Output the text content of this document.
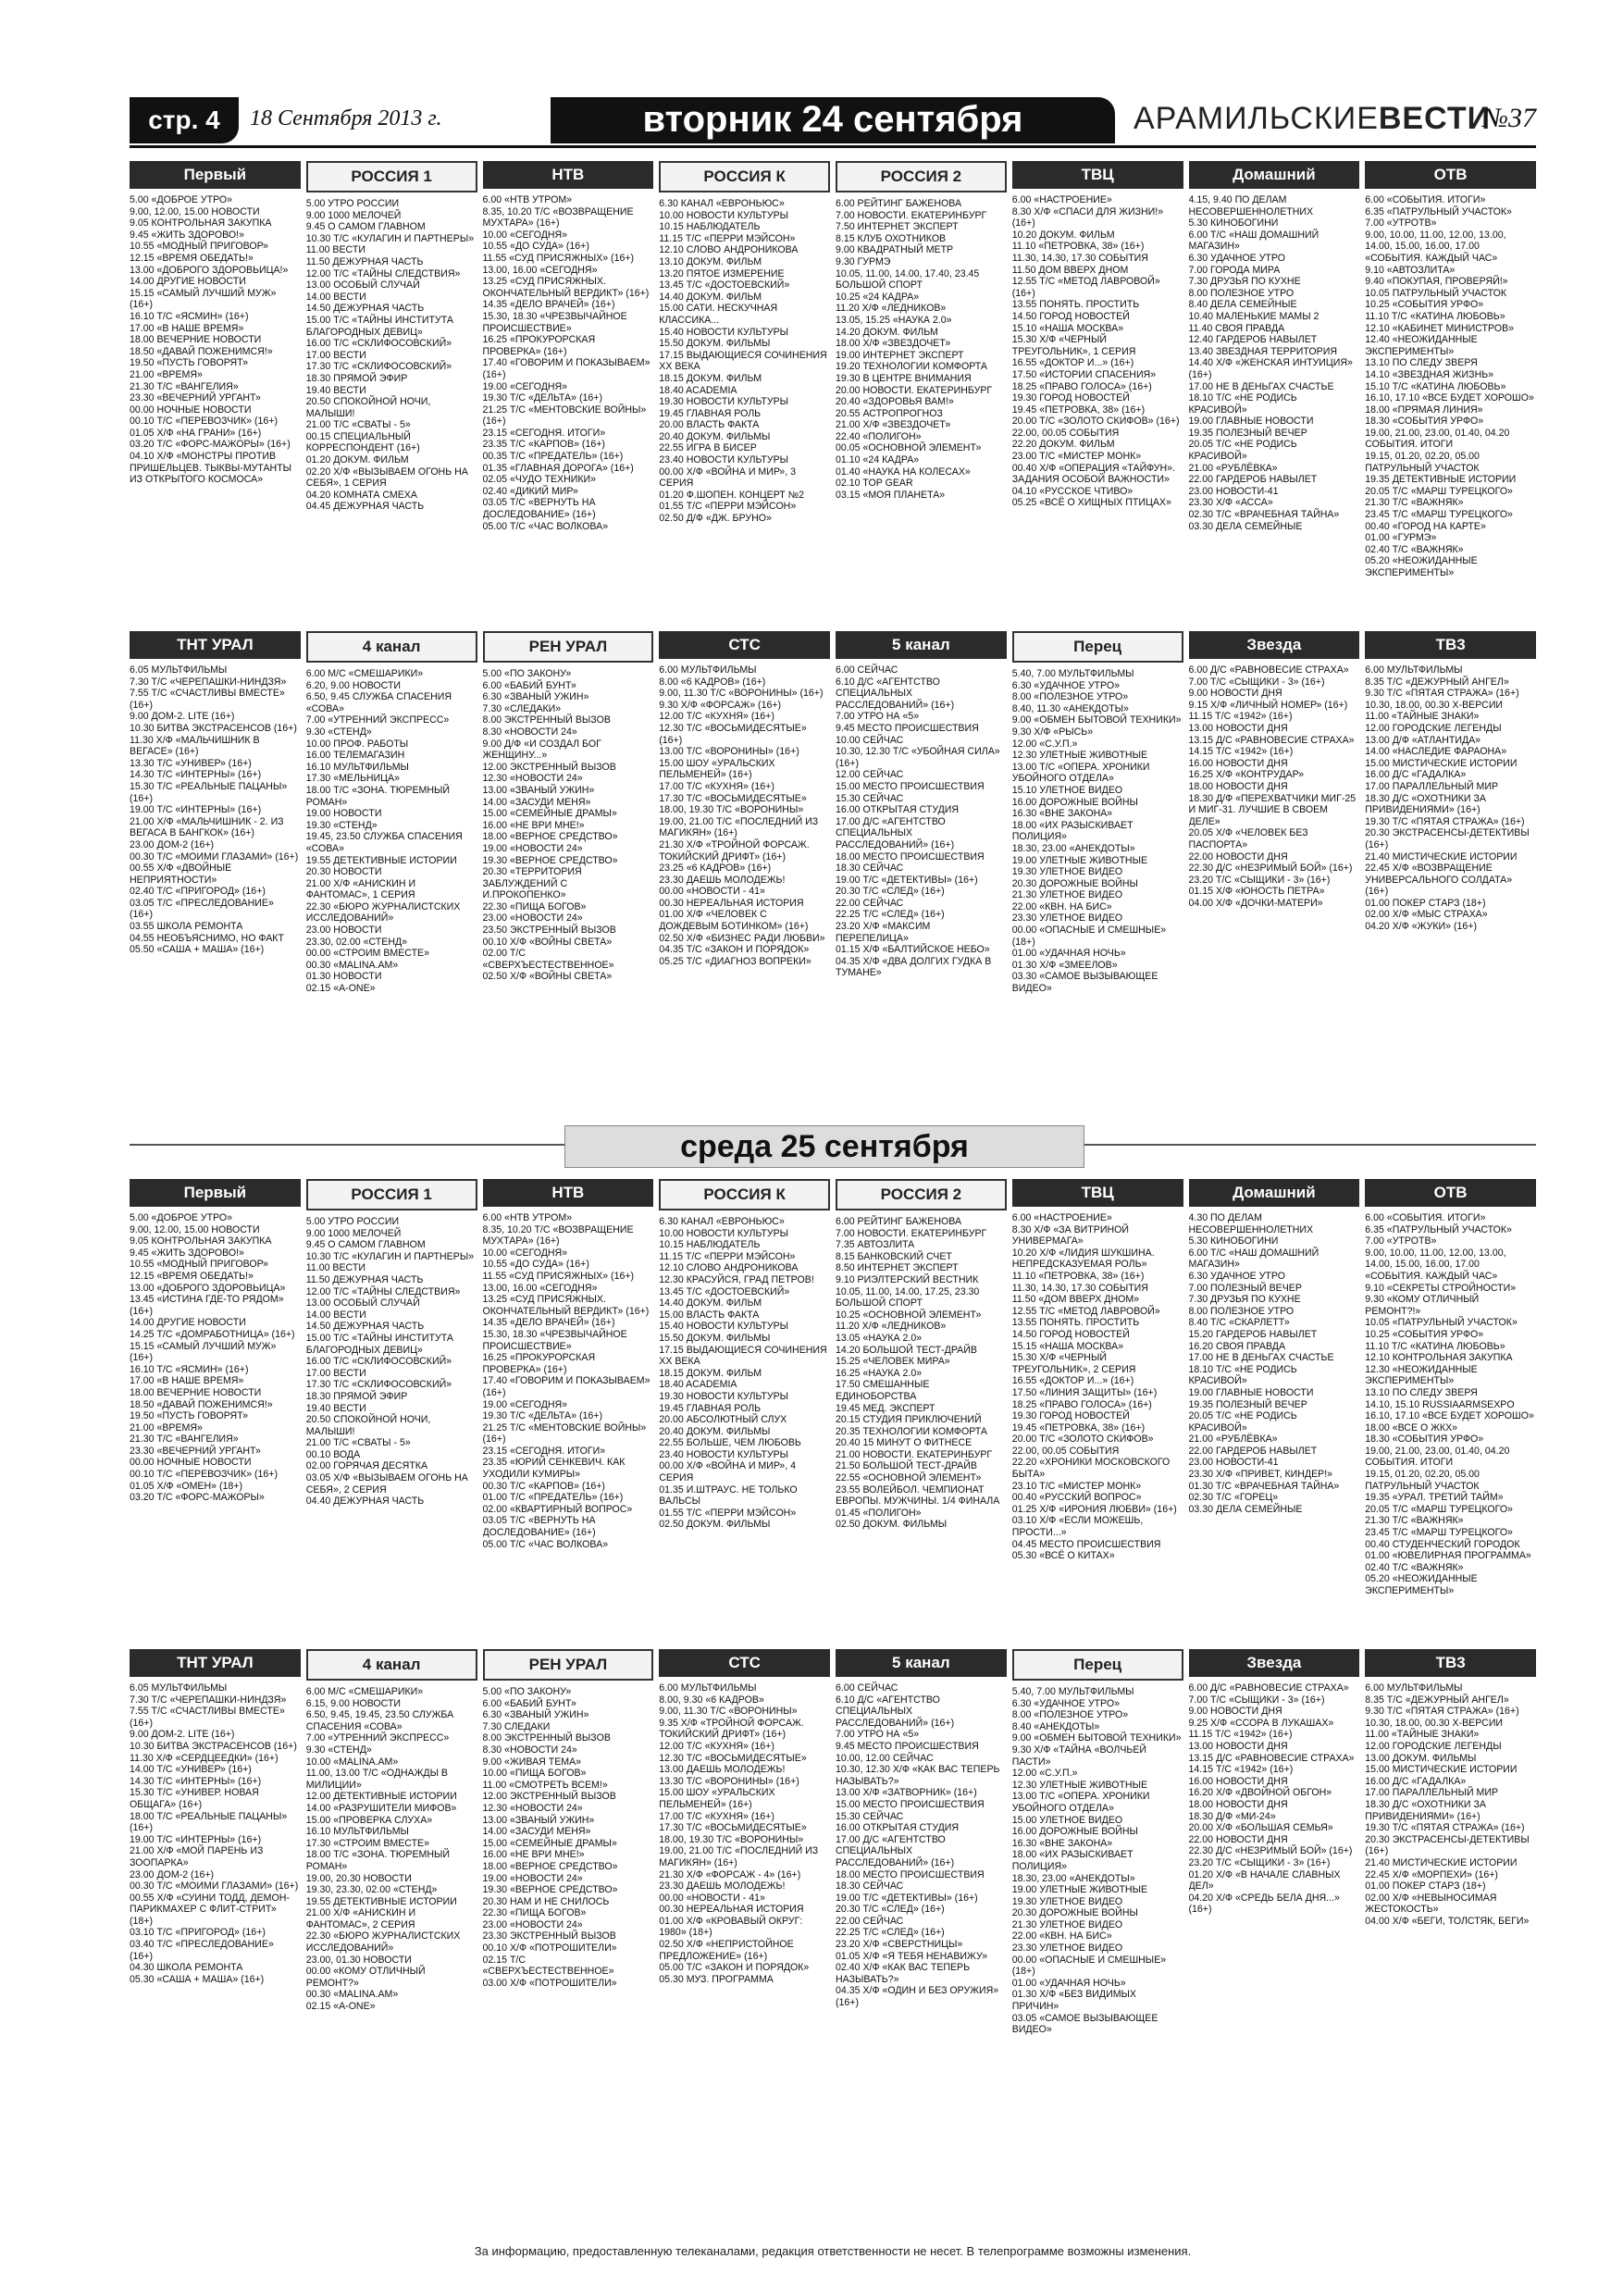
стр. 4	18 Сентября 2013 г.	вторник 24 сентября	АРАМИЛЬСКИЕВЕСТИ
№37
Первый
5.00 «ДОБРОЕ УТРО»
9.00, 12.00, 15.00 НОВОСТИ
9.05 КОНТРОЛЬНАЯ ЗАКУПКА
9.45 «ЖИТЬ ЗДОРОВО!»
10.55 «МОДНЫЙ ПРИГОВОР»
12.15 «ВРЕМЯ ОБЕДАТЬ!»
13.00 «ДОБРОГО ЗДОРОВЬИЦА!»
14.00 ДРУГИЕ НОВОСТИ
15.15 «САМЫЙ ЛУЧШИЙ МУЖ» (16+)
16.10 Т/С «ЯСМИН» (16+)
17.00 «В НАШЕ ВРЕМЯ»
18.00 ВЕЧЕРНИЕ НОВОСТИ
18.50 «ДАВАЙ ПОЖЕНИМСЯ!»
19.50 «ПУСТЬ ГОВОРЯТ»
21.00 «ВРЕМЯ»
21.30 Т/С «ВАНГЕЛИЯ»
23.30 «ВЕЧЕРНИЙ УРГАНТ»
00.00 НОЧНЫЕ НОВОСТИ
00.10 Т/С «ПЕРЕВОЗЧИК» (16+)
01.05 Х/Ф «НА ГРАНИ» (16+)
03.20 Т/С «ФОРС-МАЖОРЫ» (16+)
04.10 Х/Ф «МОНСТРЫ ПРОТИВ ПРИШЕЛЬЦЕВ. ТЫКВЫ-МУТАНТЫ ИЗ ОТКРЫТОГО КОСМОСА»
РОССИЯ 1
5.00 УТРО РОССИИ
9.00 1000 МЕЛОЧЕЙ
9.45 О САМОМ ГЛАВНОМ
10.30 Т/С «КУЛАГИН И ПАРТНЕРЫ»
11.00 ВЕСТИ
11.50 ДЕЖУРНАЯ ЧАСТЬ
12.00 Т/С «ТАЙНЫ СЛЕДСТВИЯ»
13.00 ОСОБЫЙ СЛУЧАЙ
14.00 ВЕСТИ
14.50 ДЕЖУРНАЯ ЧАСТЬ
15.00 Т/С «ТАЙНЫ ИНСТИТУТА БЛАГОРОДНЫХ ДЕВИЦ»
16.00 Т/С «СКЛИФОСОВСКИЙ»
17.00 ВЕСТИ
17.30 Т/С «СКЛИФОСОВСКИЙ»
18.30 ПРЯМОЙ ЭФИР
19.40 ВЕСТИ
20.50 СПОКОЙНОЙ НОЧИ, МАЛЫШИ!
21.00 Т/С «СВАТЫ - 5»
00.15 СПЕЦИАЛЬНЫЙ КОРРЕСПОНДЕНТ (16+)
01.20 ДОКУМ. ФИЛЬМ
02.20 Х/Ф «ВЫЗЫВАЕМ ОГОНЬ НА СЕБЯ», 1 СЕРИЯ
04.20 КОМНАТА СМЕХА
04.45 ДЕЖУРНАЯ ЧАСТЬ
НТВ
6.00 «НТВ УТРОМ»
8.35, 10.20 Т/С «ВОЗВРАЩЕНИЕ МУХТАРА» (16+)
10.00 «СЕГОДНЯ»
10.55 «ДО СУДА» (16+)
11.55 «СУД ПРИСЯЖНЫХ» (16+)
13.00, 16.00 «СЕГОДНЯ»
13.25 «СУД ПРИСЯЖНЫХ. ОКОНЧАТЕЛЬНЫЙ ВЕРДИКТ» (16+)
14.35 «ДЕЛО ВРАЧЕЙ» (16+)
15.30, 18.30 «ЧРЕЗВЫЧАЙНОЕ ПРОИСШЕСТВИЕ»
16.25 «ПРОКУРОРСКАЯ ПРОВЕРКА» (16+)
17.40 «ГОВОРИМ И ПОКАЗЫВАЕМ» (16+)
19.00 «СЕГОДНЯ»
19.30 Т/С «ДЕЛЬТА» (16+)
21.25 Т/С «МЕНТОВСКИЕ ВОЙНЫ» (16+)
23.15 «СЕГОДНЯ. ИТОГИ»
23.35 Т/С «КАРПОВ» (16+)
00.35 Т/С «ПРЕДАТЕЛЬ» (16+)
01.35 «ГЛАВНАЯ ДОРОГА» (16+)
02.05 «ЧУДО ТЕХНИКИ»
02.40 «ДИКИЙ МИР»
03.05 Т/С «ВЕРНУТЬ НА ДОСЛЕДОВАНИЕ» (16+)
05.00 Т/С «ЧАС ВОЛКОВА»
РОССИЯ К
6.30 КАНАЛ «ЕВРОНЬЮС»
10.00 НОВОСТИ КУЛЬТУРЫ
10.15 НАБЛЮДАТЕЛЬ
11.15 Т/С «ПЕРРИ МЭЙСОН»
12.10 СЛОВО АНДРОНИКОВА
13.10 ДОКУМ. ФИЛЬМ
13.20 ПЯТОЕ ИЗМЕРЕНИЕ
13.45 Т/С «ДОСТОЕВСКИЙ»
14.40 ДОКУМ. ФИЛЬМ
15.00 САТИ. НЕСКУЧНАЯ КЛАССИКА...
15.40 НОВОСТИ КУЛЬТУРЫ
15.50 ДОКУМ. ФИЛЬМЫ
17.15 ВЫДАЮЩИЕСЯ СОЧИНЕНИЯ XX ВЕКА
18.15 ДОКУМ. ФИЛЬМ
18.40 ACADEMIA
19.30 НОВОСТИ КУЛЬТУРЫ
19.45 ГЛАВНАЯ РОЛЬ
20.00 ВЛАСТЬ ФАКТА
20.40 ДОКУМ. ФИЛЬМЫ
22.55 ИГРА В БИСЕР
23.40 НОВОСТИ КУЛЬТУРЫ
00.00 Х/Ф «ВОЙНА И МИР», 3 СЕРИЯ
01.20 Ф.ШОПЕН. КОНЦЕРТ №2
01.55 Т/С «ПЕРРИ МЭЙСОН»
02.50 Д/Ф «ДЖ. БРУНО»
РОССИЯ 2
6.00 РЕЙТИНГ БАЖЕНОВА
7.00 НОВОСТИ. ЕКАТЕРИНБУРГ
7.50 ИНТЕРНЕТ ЭКСПЕРТ
8.15 КЛУБ ОХОТНИКОВ
9.00 КВАДРАТНЫЙ МЕТР
9.30 ГУРМЭ
10.05, 11.00, 14.00, 17.40, 23.45 БОЛЬШОЙ СПОРТ
10.25 «24 КАДРА»
11.20 Х/Ф «ЛЕДНИКОВ»
13.05, 15.25 «НАУКА 2.0»
14.20 ДОКУМ. ФИЛЬМ
18.00 Х/Ф «ЗВЕЗДОЧЕТ»
19.00 ИНТЕРНЕТ ЭКСПЕРТ
19.20 ТЕХНОЛОГИИ КОМФОРТА
19.30 В ЦЕНТРЕ ВНИМАНИЯ
20.00 НОВОСТИ. ЕКАТЕРИНБУРГ
20.40 «ЗДОРОВЬЯ ВАМ!»
20.55 АСТРОПРОГНОЗ
21.00 Х/Ф «ЗВЕЗДОЧЕТ»
22.40 «ПОЛИГОН»
00.05 «ОСНОВНОЙ ЭЛЕМЕНТ»
01.10 «24 КАДРА»
01.40 «НАУКА НА КОЛЕСАХ»
02.10 TOP GEAR
03.15 «МОЯ ПЛАНЕТА»
ТВЦ
6.00 «НАСТРОЕНИЕ»
8.30 Х/Ф «СПАСИ ДЛЯ ЖИЗНИ!» (16+)
10.20 ДОКУМ. ФИЛЬМ
11.10 «ПЕТРОВКА, 38» (16+)
11.30, 14.30, 17.30 СОБЫТИЯ
11.50 ДОМ ВВЕРХ ДНОМ
12.55 Т/С «МЕТОД ЛАВРОВОЙ» (16+)
13.55 ПОНЯТЬ. ПРОСТИТЬ
14.50 ГОРОД НОВОСТЕЙ
15.10 «НАША МОСКВА»
15.30 Х/Ф «ЧЕРНЫЙ ТРЕУГОЛЬНИК», 1 СЕРИЯ
16.55 «ДОКТОР И...» (16+)
17.50 «ИСТОРИИ СПАСЕНИЯ»
18.25 «ПРАВО ГОЛОСА» (16+)
19.30 ГОРОД НОВОСТЕЙ
19.45 «ПЕТРОВКА, 38» (16+)
20.00 Т/С «ЗОЛОТО СКИФОВ» (16+)
22.00, 00.05 СОБЫТИЯ
22.20 ДОКУМ. ФИЛЬМ
23.00 Т/С «МИСТЕР МОНК»
00.40 Х/Ф «ОПЕРАЦИЯ «ТАЙФУН». ЗАДАНИЯ ОСОБОЙ ВАЖНОСТИ»
04.10 «РУССКОЕ ЧТИВО»
05.25 «ВСЁ О ХИЩНЫХ ПТИЦАХ»
Домашний
4.15, 9.40 ПО ДЕЛАМ НЕСОВЕРШЕННОЛЕТНИХ
5.30 КИНОБОГИНИ
6.00 Т/С «НАШ ДОМАШНИЙ МАГАЗИН»
6.30 УДАЧНОЕ УТРО
7.00 ГОРОДА МИРА
7.30 ДРУЗЬЯ ПО КУХНЕ
8.00 ПОЛЕЗНОЕ УТРО
8.40 ДЕЛА СЕМЕЙНЫЕ
10.40 МАЛЕНЬКИЕ МАМЫ 2
11.40 СВОЯ ПРАВДА
12.40 ГАРДЕРОБ НАВЫЛЕТ
13.40 ЗВЕЗДНАЯ ТЕРРИТОРИЯ
14.40 Х/Ф «ЖЕНСКАЯ ИНТУИЦИЯ» (16+)
17.00 НЕ В ДЕНЬГАХ СЧАСТЬЕ
18.10 Т/С «НЕ РОДИСЬ КРАСИВОЙ»
19.00 ГЛАВНЫЕ НОВОСТИ
19.35 ПОЛЕЗНЫЙ ВЕЧЕР
20.05 Т/С «НЕ РОДИСЬ КРАСИВОЙ»
21.00 «РУБЛЁВКА»
22.00 ГАРДЕРОБ НАВЫЛЕТ
23.00 НОВОСТИ-41
23.30 Х/Ф «АССА»
02.30 Т/С «ВРАЧЕБНАЯ ТАЙНА»
03.30 ДЕЛА СЕМЕЙНЫЕ
ОТВ
6.00 «СОБЫТИЯ. ИТОГИ»
6.35 «ПАТРУЛЬНЫЙ УЧАСТОК»
7.00 «УТРОТВ»
9.00, 10.00, 11.00, 12.00, 13.00, 14.00, 15.00, 16.00, 17.00 «СОБЫТИЯ. КАЖДЫЙ ЧАС»
9.10 «АВТОЗЛИТА»
9.40 «ПОКУПАЯ, ПРОВЕРЯЙ!»
10.05 ПАТРУЛЬНЫЙ УЧАСТОК
10.25 «СОБЫТИЯ УРФО»
11.10 Т/С «КАТИНА ЛЮБОВЬ»
12.10 «КАБИНЕТ МИНИСТРОВ»
12.40 «НЕОЖИДАННЫЕ ЭКСПЕРИМЕНТЫ»
13.10 ПО СЛЕДУ ЗВЕРЯ
14.10 «ЗВЕЗДНАЯ ЖИЗНЬ»
15.10 Т/С «КАТИНА ЛЮБОВЬ»
16.10, 17.10 «ВСЕ БУДЕТ ХОРОШО»
18.00 «ПРЯМАЯ ЛИНИЯ»
18.30 «СОБЫТИЯ УРФО»
19.00, 21.00, 23.00, 01.40, 04.20 СОБЫТИЯ. ИТОГИ
19.15, 01.20, 02.20, 05.00 ПАТРУЛЬНЫЙ УЧАСТОК
19.35 ДЕТЕКТИВНЫЕ ИСТОРИИ
20.05 Т/С «МАРШ ТУРЕЦКОГО»
21.30 Т/С «ВАЖНЯК»
23.45 Т/С «МАРШ ТУРЕЦКОГО»
00.40 «ГОРОД НА КАРТЕ»
01.00 «ГУРМЭ»
02.40 Т/С «ВАЖНЯК»
05.20 «НЕОЖИДАННЫЕ ЭКСПЕРИМЕНТЫ»
ТНТ УРАЛ
6.05 МУЛЬТФИЛЬМЫ
7.30 Т/С «ЧЕРЕПАШКИ-НИНДЗЯ»
7.55 Т/С «СЧАСТЛИВЫ ВМЕСТЕ» (16+)
9.00 ДОМ-2. LITE (16+)
10.30 БИТВА ЭКСТРАСЕНСОВ (16+)
11.30 Х/Ф «МАЛЬЧИШНИК В ВЕГАСЕ» (16+)
13.30 Т/С «УНИВЕР» (16+)
14.30 Т/С «ИНТЕРНЫ» (16+)
15.30 Т/С «РЕАЛЬНЫЕ ПАЦАНЫ» (16+)
19.00 Т/С «ИНТЕРНЫ» (16+)
21.00 Х/Ф «МАЛЬЧИШНИК - 2. ИЗ ВЕГАСА В БАНГКОК» (16+)
23.00 ДОМ-2 (16+)
00.30 Т/С «МОИМИ ГЛАЗАМИ» (16+)
00.55 Х/Ф «ДВОЙНЫЕ НЕПРИЯТНОСТИ»
02.40 Т/С «ПРИГОРОД» (16+)
03.05 Т/С «ПРЕСЛЕДОВАНИЕ» (16+)
03.55 ШКОЛА РЕМОНТА
04.55 НЕОБЪЯСНИМО, НО ФАКТ
05.50 «САША + МАША» (16+)
4 канал
6.00 М/С «СМЕШАРИКИ»
6.20, 9.00 НОВОСТИ
6.50, 9.45 СЛУЖБА СПАСЕНИЯ «СОВА»
7.00 «УТРЕННИЙ ЭКСПРЕСС»
9.30 «СТЕНД»
10.00 ПРОФ. РАБОТЫ
16.00 ТЕЛЕМАГАЗИН
16.10 МУЛЬТФИЛЬМЫ
17.30 «МЕЛЬНИЦА»
18.00 Т/С «ЗОНА. ТЮРЕМНЫЙ РОМАН»
19.00 НОВОСТИ
19.30 «СТЕНД»
19.45, 23.50 СЛУЖБА СПАСЕНИЯ «СОВА»
19.55 ДЕТЕКТИВНЫЕ ИСТОРИИ
20.30 НОВОСТИ
21.00 Х/Ф «АНИСКИН И ФАНТОМАС», 1 СЕРИЯ
22.30 «БЮРО ЖУРНАЛИСТСКИХ ИССЛЕДОВАНИЙ»
23.00 НОВОСТИ
23.30, 02.00 «СТЕНД»
00.00 «СТРОИМ ВМЕСТЕ»
00.30 «MALINA.AM»
01.30 НОВОСТИ
02.15 «A-ONE»
РЕН УРАЛ
5.00 «ПО ЗАКОНУ»
6.00 «БАБИЙ БУНТ»
6.30 «ЗВАНЫЙ УЖИН»
7.30 «СЛЕДАКИ»
8.00 ЭКСТРЕННЫЙ ВЫЗОВ
8.30 «НОВОСТИ 24»
9.00 Д/Ф «И СОЗДАЛ БОГ ЖЕНЩИНУ...»
12.00 ЭКСТРЕННЫЙ ВЫЗОВ
12.30 «НОВОСТИ 24»
13.00 «ЗВАНЫЙ УЖИН»
14.00 «ЗАСУДИ МЕНЯ»
15.00 «СЕМЕЙНЫЕ ДРАМЫ»
16.00 «НЕ ВРИ МНЕ!»
18.00 «ВЕРНОЕ СРЕДСТВО»
19.00 «НОВОСТИ 24»
19.30 «ВЕРНОЕ СРЕДСТВО»
20.30 «ТЕРРИТОРИЯ ЗАБЛУЖДЕНИЙ С И.ПРОКОПЕНКО»
22.30 «ПИЩА БОГОВ»
23.00 «НОВОСТИ 24»
23.50 ЭКСТРЕННЫЙ ВЫЗОВ
00.10 Х/Ф «ВОЙНЫ СВЕТА»
02.00 Т/С «СВЕРХЪЕСТЕСТВЕННОЕ»
02.50 Х/Ф «ВОЙНЫ СВЕТА»
СТС
6.00 МУЛЬТФИЛЬМЫ
8.00 «6 КАДРОВ» (16+)
9.00, 11.30 Т/С «ВОРОНИНЫ» (16+)
9.30 Х/Ф «ФОРСАЖ» (16+)
12.00 Т/С «КУХНЯ» (16+)
12.30 Т/С «ВОСЬМИДЕСЯТЫЕ» (16+)
13.00 Т/С «ВОРОНИНЫ» (16+)
15.00 ШОУ «УРАЛЬСКИХ ПЕЛЬМЕНЕЙ» (16+)
17.00 Т/С «КУХНЯ» (16+)
17.30 Т/С «ВОСЬМИДЕСЯТЫЕ»
18.00, 19.30 Т/С «ВОРОНИНЫ»
19.00, 21.00 Т/С «ПОСЛЕДНИЙ ИЗ МАГИКЯН» (16+)
21.30 Х/Ф «ТРОЙНОЙ ФОРСАЖ. ТОКИЙСКИЙ ДРИФТ» (16+)
23.25 «6 КАДРОВ» (16+)
23.30 ДАЕШЬ МОЛОДЕЖЬ!
00.00 «НОВОСТИ - 41»
00.30 НЕРЕАЛЬНАЯ ИСТОРИЯ
01.00 Х/Ф «ЧЕЛОВЕК С ДОЖДЕВЫМ БОТИНКОМ» (16+)
02.50 Х/Ф «БИЗНЕС РАДИ ЛЮБВИ»
04.35 Т/С «ЗАКОН И ПОРЯДОК»
05.25 Т/С «ДИАГНОЗ ВОПРЕКИ»
5 канал
6.00 СЕЙЧАС
6.10 Д/С «АГЕНТСТВО СПЕЦИАЛЬНЫХ РАССЛЕДОВАНИЙ» (16+)
7.00 УТРО НА «5»
9.45 МЕСТО ПРОИСШЕСТВИЯ
10.00 СЕЙЧАС
10.30, 12.30 Т/С «УБОЙНАЯ СИЛА» (16+)
12.00 СЕЙЧАС
15.00 МЕСТО ПРОИСШЕСТВИЯ
15.30 СЕЙЧАС
16.00 ОТКРЫТАЯ СТУДИЯ
17.00 Д/С «АГЕНТСТВО СПЕЦИАЛЬНЫХ РАССЛЕДОВАНИЙ» (16+)
18.00 МЕСТО ПРОИСШЕСТВИЯ
18.30 СЕЙЧАС
19.00 Т/С «ДЕТЕКТИВЫ» (16+)
20.30 Т/С «СЛЕД» (16+)
22.00 СЕЙЧАС
22.25 Т/С «СЛЕД» (16+)
23.20 Х/Ф «МАКСИМ ПЕРЕПЕЛИЦА»
01.15 Х/Ф «БАЛТИЙСКОЕ НЕБО»
04.35 Х/Ф «ДВА ДОЛГИХ ГУДКА В ТУМАНЕ»
Перец
5.40, 7.00 МУЛЬТФИЛЬМЫ
6.30 «УДАЧНОЕ УТРО»
8.00 «ПОЛЕЗНОЕ УТРО»
8.40, 11.30 «АНЕКДОТЫ»
9.00 «ОБМЕН БЫТОВОЙ ТЕХНИКИ»
9.30 Х/Ф «РЫСЬ»
12.00 «С.У.П.»
12.30 УЛЕТНЫЕ ЖИВОТНЫЕ
13.00 Т/С «ОПЕРА. ХРОНИКИ УБОЙНОГО ОТДЕЛА»
15.10 УЛЕТНОЕ ВИДЕО
16.00 ДОРОЖНЫЕ ВОЙНЫ
16.30 «ВНЕ ЗАКОНА»
18.00 «ИХ РАЗЫСКИВАЕТ ПОЛИЦИЯ»
18.30, 23.00 «АНЕКДОТЫ»
19.00 УЛЕТНЫЕ ЖИВОТНЫЕ
19.30 УЛЕТНОЕ ВИДЕО
20.30 ДОРОЖНЫЕ ВОЙНЫ
21.30 УЛЕТНОЕ ВИДЕО
22.00 «КВН. НА БИС»
23.30 УЛЕТНОЕ ВИДЕО
00.00 «ОПАСНЫЕ И СМЕШНЫЕ» (18+)
01.00 «УДАЧНАЯ НОЧЬ»
01.30 Х/Ф «ЗМЕЕЛОВ»
03.30 «САМОЕ ВЫЗЫВАЮЩЕЕ ВИДЕО»
Звезда
6.00 Д/С «РАВНОВЕСИЕ СТРАХА»
7.00 Т/С «СЫЩИКИ - 3» (16+)
9.00 НОВОСТИ ДНЯ
9.15 Х/Ф «ЛИЧНЫЙ НОМЕР» (16+)
11.15 Т/С «1942» (16+)
13.00 НОВОСТИ ДНЯ
13.15 Д/С «РАВНОВЕСИЕ СТРАХА»
14.15 Т/С «1942» (16+)
16.00 НОВОСТИ ДНЯ
16.25 Х/Ф «КОНТРУДАР»
18.00 НОВОСТИ ДНЯ
18.30 Д/Ф «ПЕРЕХВАТЧИКИ МИГ-25 И МИГ-31. ЛУЧШИЕ В СВОЕМ ДЕЛЕ»
20.05 Х/Ф «ЧЕЛОВЕК БЕЗ ПАСПОРТА»
22.00 НОВОСТИ ДНЯ
22.30 Д/С «НЕЗРИМЫЙ БОЙ» (16+)
23.20 Т/С «СЫЩИКИ - 3» (16+)
01.15 Х/Ф «ЮНОСТЬ ПЕТРА»
04.00 Х/Ф «ДОЧКИ-МАТЕРИ»
ТВ3
6.00 МУЛЬТФИЛЬМЫ
8.35 Т/С «ДЕЖУРНЫЙ АНГЕЛ»
9.30 Т/С «ПЯТАЯ СТРАЖА» (16+)
10.30, 18.00, 00.30 X-ВЕРСИИ
11.00 «ТАЙНЫЕ ЗНАКИ»
12.00 ГОРОДСКИЕ ЛЕГЕНДЫ
13.00 Д/Ф «АТЛАНТИДА»
14.00 «НАСЛЕДИЕ ФАРАОНА»
15.00 МИСТИЧЕСКИЕ ИСТОРИИ
16.00 Д/С «ГАДАЛКА»
17.00 ПАРАЛЛЕЛЬНЫЙ МИР
18.30 Д/С «ОХОТНИКИ ЗА ПРИВИДЕНИЯМИ» (16+)
19.30 Т/С «ПЯТАЯ СТРАЖА» (16+)
20.30 ЭКСТРАСЕНСЫ-ДЕТЕКТИВЫ (16+)
21.40 МИСТИЧЕСКИЕ ИСТОРИИ
22.45 Х/Ф «ВОЗВРАЩЕНИЕ УНИВЕРСАЛЬНОГО СОЛДАТА» (16+)
01.00 ПОКЕР СТАРЗ (18+)
02.00 Х/Ф «МЫС СТРАХА»
04.20 Х/Ф «ЖУКИ» (16+)
среда 25 сентября
Первый
5.00 «ДОБРОЕ УТРО»
9.00, 12.00, 15.00 НОВОСТИ
9.05 КОНТРОЛЬНАЯ ЗАКУПКА
9.45 «ЖИТЬ ЗДОРОВО!»
10.55 «МОДНЫЙ ПРИГОВОР»
12.15 «ВРЕМЯ ОБЕДАТЬ!»
13.00 «ДОБРОГО ЗДОРОВЬИЦА»
13.45 «ИСТИНА ГДЕ-ТО РЯДОМ» (16+)
14.00 ДРУГИЕ НОВОСТИ
14.25 Т/С «ДОМРАБОТНИЦА» (16+)
15.15 «САМЫЙ ЛУЧШИЙ МУЖ» (16+)
16.10 Т/С «ЯСМИН» (16+)
17.00 «В НАШЕ ВРЕМЯ»
18.00 ВЕЧЕРНИЕ НОВОСТИ
18.50 «ДАВАЙ ПОЖЕНИМСЯ!»
19.50 «ПУСТЬ ГОВОРЯТ»
21.00 «ВРЕМЯ»
21.30 Т/С «ВАНГЕЛИЯ»
23.30 «ВЕЧЕРНИЙ УРГАНТ»
00.00 НОЧНЫЕ НОВОСТИ
00.10 Т/С «ПЕРЕВОЗЧИК» (16+)
01.05 Х/Ф «ОМЕН» (18+)
03.20 Т/С «ФОРС-МАЖОРЫ»
РОССИЯ 1
5.00 УТРО РОССИИ
9.00 1000 МЕЛОЧЕЙ
9.45 О САМОМ ГЛАВНОМ
10.30 Т/С «КУЛАГИН И ПАРТНЕРЫ»
11.00 ВЕСТИ
11.50 ДЕЖУРНАЯ ЧАСТЬ
12.00 Т/С «ТАЙНЫ СЛЕДСТВИЯ»
13.00 ОСОБЫЙ СЛУЧАЙ
14.00 ВЕСТИ
14.50 ДЕЖУРНАЯ ЧАСТЬ
15.00 Т/С «ТАЙНЫ ИНСТИТУТА БЛАГОРОДНЫХ ДЕВИЦ»
16.00 Т/С «СКЛИФОСОВСКИЙ»
17.00 ВЕСТИ
17.30 Т/С «СКЛИФОСОВСКИЙ»
18.30 ПРЯМОЙ ЭФИР
19.40 ВЕСТИ
20.50 СПОКОЙНОЙ НОЧИ, МАЛЫШИ!
21.00 Т/С «СВАТЫ - 5»
00.10 ВОДА
02.00 ГОРЯЧАЯ ДЕСЯТКА
03.05 Х/Ф «ВЫЗЫВАЕМ ОГОНЬ НА СЕБЯ», 2 СЕРИЯ
04.40 ДЕЖУРНАЯ ЧАСТЬ
НТВ
6.00 «НТВ УТРОМ»
8.35, 10.20 Т/С «ВОЗВРАЩЕНИЕ МУХТАРА» (16+)
10.00 «СЕГОДНЯ»
10.55 «ДО СУДА» (16+)
11.55 «СУД ПРИСЯЖНЫХ» (16+)
13.00, 16.00 «СЕГОДНЯ»
13.25 «СУД ПРИСЯЖНЫХ. ОКОНЧАТЕЛЬНЫЙ ВЕРДИКТ» (16+)
14.35 «ДЕЛО ВРАЧЕЙ» (16+)
15.30, 18.30 «ЧРЕЗВЫЧАЙНОЕ ПРОИСШЕСТВИЕ»
16.25 «ПРОКУРОРСКАЯ ПРОВЕРКА» (16+)
17.40 «ГОВОРИМ И ПОКАЗЫВАЕМ» (16+)
19.00 «СЕГОДНЯ»
19.30 Т/С «ДЕЛЬТА» (16+)
21.25 Т/С «МЕНТОВСКИЕ ВОЙНЫ» (16+)
23.15 «СЕГОДНЯ. ИТОГИ»
23.35 «ЮРИЙ СЕНКЕВИЧ. КАК УХОДИЛИ КУМИРЫ»
00.30 Т/С «КАРПОВ» (16+)
01.00 Т/С «ПРЕДАТЕЛЬ» (16+)
02.00 «КВАРТИРНЫЙ ВОПРОС»
03.05 Т/С «ВЕРНУТЬ НА ДОСЛЕДОВАНИЕ» (16+)
05.00 Т/С «ЧАС ВОЛКОВА»
РОССИЯ К
6.30 КАНАЛ «ЕВРОНЬЮС»
10.00 НОВОСТИ КУЛЬТУРЫ
10.15 НАБЛЮДАТЕЛЬ
11.15 Т/С «ПЕРРИ МЭЙСОН»
12.10 СЛОВО АНДРОНИКОВА
12.30 КРАСУЙСЯ, ГРАД ПЕТРОВ!
13.45 Т/С «ДОСТОЕВСКИЙ»
14.40 ДОКУМ. ФИЛЬМ
15.00 ВЛАСТЬ ФАКТА
15.40 НОВОСТИ КУЛЬТУРЫ
15.50 ДОКУМ. ФИЛЬМЫ
17.15 ВЫДАЮЩИЕСЯ СОЧИНЕНИЯ XX ВЕКА
18.15 ДОКУМ. ФИЛЬМ
18.40 ACADEMIA
19.30 НОВОСТИ КУЛЬТУРЫ
19.45 ГЛАВНАЯ РОЛЬ
20.00 АБСОЛЮТНЫЙ СЛУХ
20.40 ДОКУМ. ФИЛЬМЫ
22.55 БОЛЬШЕ, ЧЕМ ЛЮБОВЬ
23.40 НОВОСТИ КУЛЬТУРЫ
00.00 Х/Ф «ВОЙНА И МИР», 4 СЕРИЯ
01.35 И.ШТРАУС. НЕ ТОЛЬКО ВАЛЬСЫ
01.55 Т/С «ПЕРРИ МЭЙСОН»
02.50 ДОКУМ. ФИЛЬМЫ
РОССИЯ 2
6.00 РЕЙТИНГ БАЖЕНОВА
7.00 НОВОСТИ. ЕКАТЕРИНБУРГ
7.35 АВТОЗЛИТА
8.15 БАНКОВСКИЙ СЧЕТ
8.50 ИНТЕРНЕТ ЭКСПЕРТ
9.10 РИЭЛТЕРСКИЙ ВЕСТНИК
10.05, 11.00, 14.00, 17.25, 23.30 БОЛЬШОЙ СПОРТ
10.25 «ОСНОВНОЙ ЭЛЕМЕНТ»
11.20 Х/Ф «ЛЕДНИКОВ»
13.05 «НАУКА 2.0»
14.20 БОЛЬШОЙ ТЕСТ-ДРАЙВ
15.25 «ЧЕЛОВЕК МИРА»
16.25 «НАУКА 2.0»
17.50 СМЕШАННЫЕ ЕДИНОБОРСТВА
19.45 МЕД. ЭКСПЕРТ
20.15 СТУДИЯ ПРИКЛЮЧЕНИЙ
20.35 ТЕХНОЛОГИИ КОМФОРТА
20.40 15 МИНУТ О ФИТНЕСЕ
21.00 НОВОСТИ. ЕКАТЕРИНБУРГ
21.50 БОЛЬШОЙ ТЕСТ-ДРАЙВ
22.55 «ОСНОВНОЙ ЭЛЕМЕНТ»
23.55 ВОЛЕЙБОЛ. ЧЕМПИОНАТ ЕВРОПЫ. МУЖЧИНЫ. 1/4 ФИНАЛА
01.45 «ПОЛИГОН»
02.50 ДОКУМ. ФИЛЬМЫ
ТВЦ
6.00 «НАСТРОЕНИЕ»
8.30 Х/Ф «ЗА ВИТРИНОЙ УНИВЕРМАГА»
10.20 Х/Ф «ЛИДИЯ ШУКШИНА. НЕПРЕДСКАЗУЕМАЯ РОЛЬ»
11.10 «ПЕТРОВКА, 38» (16+)
11.30, 14.30, 17.30 СОБЫТИЯ
11.50 «ДОМ ВВЕРХ ДНОМ»
12.55 Т/С «МЕТОД ЛАВРОВОЙ»
13.55 ПОНЯТЬ. ПРОСТИТЬ
14.50 ГОРОД НОВОСТЕЙ
15.15 «НАША МОСКВА»
15.30 Х/Ф «ЧЕРНЫЙ ТРЕУГОЛЬНИК», 2 СЕРИЯ
16.55 «ДОКТОР И...» (16+)
17.50 «ЛИНИЯ ЗАЩИТЫ» (16+)
18.25 «ПРАВО ГОЛОСА» (16+)
19.30 ГОРОД НОВОСТЕЙ
19.45 «ПЕТРОВКА, 38» (16+)
20.00 Т/С «ЗОЛОТО СКИФОВ»
22.00, 00.05 СОБЫТИЯ
22.20 «ХРОНИКИ МОСКОВСКОГО БЫТА»
23.10 Т/С «МИСТЕР МОНК»
00.40 «РУССКИЙ ВОПРОС»
01.25 Х/Ф «ИРОНИЯ ЛЮБВИ» (16+)
03.10 Х/Ф «ЕСЛИ МОЖЕШЬ, ПРОСТИ...»
04.45 МЕСТО ПРОИСШЕСТВИЯ
05.30 «ВСЁ О КИТАХ»
Домашний
4.30 ПО ДЕЛАМ НЕСОВЕРШЕННОЛЕТНИХ
5.30 КИНОБОГИНИ
6.00 Т/С «НАШ ДОМАШНИЙ МАГАЗИН»
6.30 УДАЧНОЕ УТРО
7.00 ПОЛЕЗНЫЙ ВЕЧЕР
7.30 ДРУЗЬЯ ПО КУХНЕ
8.00 ПОЛЕЗНОЕ УТРО
8.40 Т/С «СКАРЛЕТТ»
15.20 ГАРДЕРОБ НАВЫЛЕТ
16.20 СВОЯ ПРАВДА
17.00 НЕ В ДЕНЬГАХ СЧАСТЬЕ
18.10 Т/С «НЕ РОДИСЬ КРАСИВОЙ»
19.00 ГЛАВНЫЕ НОВОСТИ
19.35 ПОЛЕЗНЫЙ ВЕЧЕР
20.05 Т/С «НЕ РОДИСЬ КРАСИВОЙ»
21.00 «РУБЛЁВКА»
22.00 ГАРДЕРОБ НАВЫЛЕТ
23.00 НОВОСТИ-41
23.30 Х/Ф «ПРИВЕТ, КИНДЕР!»
01.30 Т/С «ВРАЧЕБНАЯ ТАЙНА»
02.30 Т/С «ГОРЕЦ»
03.30 ДЕЛА СЕМЕЙНЫЕ
ОТВ
6.00 «СОБЫТИЯ. ИТОГИ»
6.35 «ПАТРУЛЬНЫЙ УЧАСТОК»
7.00 «УТРОТВ»
9.00, 10.00, 11.00, 12.00, 13.00, 14.00, 15.00, 16.00, 17.00 «СОБЫТИЯ. КАЖДЫЙ ЧАС»
9.10 «СЕКРЕТЫ СТРОЙНОСТИ»
9.30 «КОМУ ОТЛИЧНЫЙ РЕМОНТ?!»
10.05 «ПАТРУЛЬНЫЙ УЧАСТОК»
10.25 «СОБЫТИЯ УРФО»
11.10 Т/С «КАТИНА ЛЮБОВЬ»
12.10 КОНТРОЛЬНАЯ ЗАКУПКА
12.30 «НЕОЖИДАННЫЕ ЭКСПЕРИМЕНТЫ»
13.10 ПО СЛЕДУ ЗВЕРЯ
14.10, 15.10 RUSSIAARMSEXPO
16.10, 17.10 «ВСЕ БУДЕТ ХОРОШО»
18.00 «ВСЕ О ЖКХ»
18.30 «СОБЫТИЯ УРФО»
19.00, 21.00, 23.00, 01.40, 04.20 СОБЫТИЯ. ИТОГИ
19.15, 01.20, 02.20, 05.00 ПАТРУЛЬНЫЙ УЧАСТОК
19.35 «УРАЛ. ТРЕТИЙ ТАЙМ»
20.05 Т/С «МАРШ ТУРЕЦКОГО»
21.30 Т/С «ВАЖНЯК»
23.45 Т/С «МАРШ ТУРЕЦКОГО»
00.40 СТУДЕНЧЕСКИЙ ГОРОДОК
01.00 «ЮВЕЛИРНАЯ ПРОГРАММА»
02.40 Т/С «ВАЖНЯК»
05.20 «НЕОЖИДАННЫЕ ЭКСПЕРИМЕНТЫ»
ТНТ УРАЛ
6.05 МУЛЬТФИЛЬМЫ
7.30 Т/С «ЧЕРЕПАШКИ-НИНДЗЯ»
7.55 Т/С «СЧАСТЛИВЫ ВМЕСТЕ» (16+)
9.00 ДОМ-2. LITE (16+)
10.30 БИТВА ЭКСТРАСЕНСОВ (16+)
11.30 Х/Ф «СЕРДЦЕЕДКИ» (16+)
14.00 Т/С «УНИВЕР» (16+)
14.30 Т/С «ИНТЕРНЫ» (16+)
15.30 Т/С «УНИВЕР. НОВАЯ ОБЩАГА» (16+)
18.00 Т/С «РЕАЛЬНЫЕ ПАЦАНЫ» (16+)
19.00 Т/С «ИНТЕРНЫ» (16+)
21.00 Х/Ф «МОЙ ПАРЕНЬ ИЗ ЗООПАРКА»
23.00 ДОМ-2 (16+)
00.30 Т/С «МОИМИ ГЛАЗАМИ» (16+)
00.55 Х/Ф «СУИНИ ТОДД, ДЕМОН-ПАРИКМАХЕР С ФЛИТ-СТРИТ» (18+)
03.10 Т/С «ПРИГОРОД» (16+)
03.40 Т/С «ПРЕСЛЕДОВАНИЕ» (16+)
04.30 ШКОЛА РЕМОНТА
05.30 «САША + МАША» (16+)
4 канал
6.00 М/С «СМЕШАРИКИ»
6.15, 9.00 НОВОСТИ
6.50, 9.45, 19.45, 23.50 СЛУЖБА СПАСЕНИЯ «СОВА»
7.00 «УТРЕННИЙ ЭКСПРЕСС»
9.30 «СТЕНД»
10.00 «MALINA.AM»
11.00, 13.00 Т/С «ОДНАЖДЫ В МИЛИЦИИ»
12.00 ДЕТЕКТИВНЫЕ ИСТОРИИ
14.00 «РАЗРУШИТЕЛИ МИФОВ»
15.00 «ПРОВЕРКА СЛУХА»
16.10 МУЛЬТФИЛЬМЫ
17.30 «СТРОИМ ВМЕСТЕ»
18.00 Т/С «ЗОНА. ТЮРЕМНЫЙ РОМАН»
19.00, 20.30 НОВОСТИ
19.30, 23.30, 02.00 «СТЕНД»
19.55 ДЕТЕКТИВНЫЕ ИСТОРИИ
21.00 Х/Ф «АНИСКИН И ФАНТОМАС», 2 СЕРИЯ
22.30 «БЮРО ЖУРНАЛИСТСКИХ ИССЛЕДОВАНИЙ»
23.00, 01.30 НОВОСТИ
00.00 «КОМУ ОТЛИЧНЫЙ РЕМОНТ?»
00.30 «MALINA.AM»
02.15 «A-ONE»
РЕН УРАЛ
5.00 «ПО ЗАКОНУ»
6.00 «БАБИЙ БУНТ»
6.30 «ЗВАНЫЙ УЖИН»
7.30 СЛЕДАКИ
8.00 ЭКСТРЕННЫЙ ВЫЗОВ
8.30 «НОВОСТИ 24»
9.00 «ЖИВАЯ ТЕМА»
10.00 «ПИЩА БОГОВ»
11.00 «СМОТРЕТЬ ВСЕМ!»
12.00 ЭКСТРЕННЫЙ ВЫЗОВ
12.30 «НОВОСТИ 24»
13.00 «ЗВАНЫЙ УЖИН»
14.00 «ЗАСУДИ МЕНЯ»
15.00 «СЕМЕЙНЫЕ ДРАМЫ»
16.00 «НЕ ВРИ МНЕ!»
18.00 «ВЕРНОЕ СРЕДСТВО»
19.00 «НОВОСТИ 24»
19.30 «ВЕРНОЕ СРЕДСТВО»
20.30 НАМ И НЕ СНИЛОСЬ
22.30 «ПИЩА БОГОВ»
23.00 «НОВОСТИ 24»
23.30 ЭКСТРЕННЫЙ ВЫЗОВ
00.10 Х/Ф «ПОТРОШИТЕЛИ»
02.15 Т/С «СВЕРХЪЕСТЕСТВЕННОЕ»
03.00 Х/Ф «ПОТРОШИТЕЛИ»
СТС
6.00 МУЛЬТФИЛЬМЫ
8.00, 9.30 «6 КАДРОВ»
9.00, 11.30 Т/С «ВОРОНИНЫ»
9.35 Х/Ф «ТРОЙНОЙ ФОРСАЖ. ТОКИЙСКИЙ ДРИФТ» (16+)
12.00 Т/С «КУХНЯ» (16+)
12.30 Т/С «ВОСЬМИДЕСЯТЫЕ»
13.00 ДАЕШЬ МОЛОДЕЖЬ!
13.30 Т/С «ВОРОНИНЫ» (16+)
15.00 ШОУ «УРАЛЬСКИХ ПЕЛЬМЕНЕЙ» (16+)
17.00 Т/С «КУХНЯ» (16+)
17.30 Т/С «ВОСЬМИДЕСЯТЫЕ»
18.00, 19.30 Т/С «ВОРОНИНЫ»
19.00, 21.00 Т/С «ПОСЛЕДНИЙ ИЗ МАГИКЯН» (16+)
21.30 Х/Ф «ФОРСАЖ - 4» (16+)
23.30 ДАЕШЬ МОЛОДЕЖЬ!
00.00 «НОВОСТИ - 41»
00.30 НЕРЕАЛЬНАЯ ИСТОРИЯ
01.00 Х/Ф «КРОВАВЫЙ ОКРУГ: 1980» (18+)
02.50 Х/Ф «НЕПРИСТОЙНОЕ ПРЕДЛОЖЕНИЕ» (16+)
05.00 Т/С «ЗАКОН И ПОРЯДОК»
05.30 МУЗ. ПРОГРАММА
5 канал
6.00 СЕЙЧАС
6.10 Д/С «АГЕНТСТВО СПЕЦИАЛЬНЫХ РАССЛЕДОВАНИЙ» (16+)
7.00 УТРО НА «5»
9.45 МЕСТО ПРОИСШЕСТВИЯ
10.00, 12.00 СЕЙЧАС
10.30, 12.30 Х/Ф «КАК ВАС ТЕПЕРЬ НАЗЫВАТЬ?»
13.00 Х/Ф «ЗАТВОРНИК» (16+)
15.00 МЕСТО ПРОИСШЕСТВИЯ
15.30 СЕЙЧАС
16.00 ОТКРЫТАЯ СТУДИЯ
17.00 Д/С «АГЕНТСТВО СПЕЦИАЛЬНЫХ РАССЛЕДОВАНИЙ» (16+)
18.00 МЕСТО ПРОИСШЕСТВИЯ
18.30 СЕЙЧАС
19.00 Т/С «ДЕТЕКТИВЫ» (16+)
20.30 Т/С «СЛЕД» (16+)
22.00 СЕЙЧАС
22.25 Т/С «СЛЕД» (16+)
23.20 Х/Ф «СВЕРСТНИЦЫ»
01.05 Х/Ф «Я ТЕБЯ НЕНАВИЖУ»
02.40 Х/Ф «КАК ВАС ТЕПЕРЬ НАЗЫВАТЬ?»
04.35 Х/Ф «ОДИН И БЕЗ ОРУЖИЯ» (16+)
Перец
5.40, 7.00 МУЛЬТФИЛЬМЫ
6.30 «УДАЧНОЕ УТРО»
8.00 «ПОЛЕЗНОЕ УТРО»
8.40 «АНЕКДОТЫ»
9.00 «ОБМЕН БЫТОВОЙ ТЕХНИКИ»
9.30 Х/Ф «ТАЙНА «ВОЛЧЬЕЙ ПАСТИ»
12.00 «С.У.П.»
12.30 УЛЕТНЫЕ ЖИВОТНЫЕ
13.00 Т/С «ОПЕРА. ХРОНИКИ УБОЙНОГО ОТДЕЛА»
15.00 УЛЕТНОЕ ВИДЕО
16.00 ДОРОЖНЫЕ ВОЙНЫ
16.30 «ВНЕ ЗАКОНА»
18.00 «ИХ РАЗЫСКИВАЕТ ПОЛИЦИЯ»
18.30, 23.00 «АНЕКДОТЫ»
19.00 УЛЕТНЫЕ ЖИВОТНЫЕ
19.30 УЛЕТНОЕ ВИДЕО
20.30 ДОРОЖНЫЕ ВОЙНЫ
21.30 УЛЕТНОЕ ВИДЕО
22.00 «КВН. НА БИС»
23.30 УЛЕТНОЕ ВИДЕО
00.00 «ОПАСНЫЕ И СМЕШНЫЕ» (18+)
01.00 «УДАЧНАЯ НОЧЬ»
01.30 Х/Ф «БЕЗ ВИДИМЫХ ПРИЧИН»
03.05 «САМОЕ ВЫЗЫВАЮЩЕЕ ВИДЕО»
Звезда
6.00 Д/С «РАВНОВЕСИЕ СТРАХА»
7.00 Т/С «СЫЩИКИ - 3» (16+)
9.00 НОВОСТИ ДНЯ
9.25 Х/Ф «ССОРА В ЛУКАШАХ»
11.15 Т/С «1942» (16+)
13.00 НОВОСТИ ДНЯ
13.15 Д/С «РАВНОВЕСИЕ СТРАХА»
14.15 Т/С «1942» (16+)
16.00 НОВОСТИ ДНЯ
16.20 Х/Ф «ДВОЙНОЙ ОБГОН»
18.00 НОВОСТИ ДНЯ
18.30 Д/Ф «МИ-24»
20.00 Х/Ф «БОЛЬШАЯ СЕМЬЯ»
22.00 НОВОСТИ ДНЯ
22.30 Д/С «НЕЗРИМЫЙ БОЙ» (16+)
23.20 Т/С «СЫЩИКИ - 3» (16+)
01.20 Х/Ф «В НАЧАЛЕ СЛАВНЫХ ДЕЛ»
04.20 Х/Ф «СРЕДЬ БЕЛА ДНЯ...» (16+)
ТВ3
6.00 МУЛЬТФИЛЬМЫ
8.35 Т/С «ДЕЖУРНЫЙ АНГЕЛ»
9.30 Т/С «ПЯТАЯ СТРАЖА» (16+)
10.30, 18.00, 00.30 X-ВЕРСИИ
11.00 «ТАЙНЫЕ ЗНАКИ»
12.00 ГОРОДСКИЕ ЛЕГЕНДЫ
13.00 ДОКУМ. ФИЛЬМЫ
15.00 МИСТИЧЕСКИЕ ИСТОРИИ
16.00 Д/С «ГАДАЛКА»
17.00 ПАРАЛЛЕЛЬНЫЙ МИР
18.30 Д/С «ОХОТНИКИ ЗА ПРИВИДЕНИЯМИ» (16+)
19.30 Т/С «ПЯТАЯ СТРАЖА» (16+)
20.30 ЭКСТРАСЕНСЫ-ДЕТЕКТИВЫ (16+)
21.40 МИСТИЧЕСКИЕ ИСТОРИИ
22.45 Х/Ф «МОРПЕХИ» (16+)
01.00 ПОКЕР СТАРЗ (18+)
02.00 Х/Ф «НЕВЫНОСИМАЯ ЖЕСТОКОСТЬ»
04.00 Х/Ф «БЕГИ, ТОЛСТЯК, БЕГИ»
За информацию, предоставленную телеканалами, редакция ответственности не несет. В телепрограмме возможны изменения.
